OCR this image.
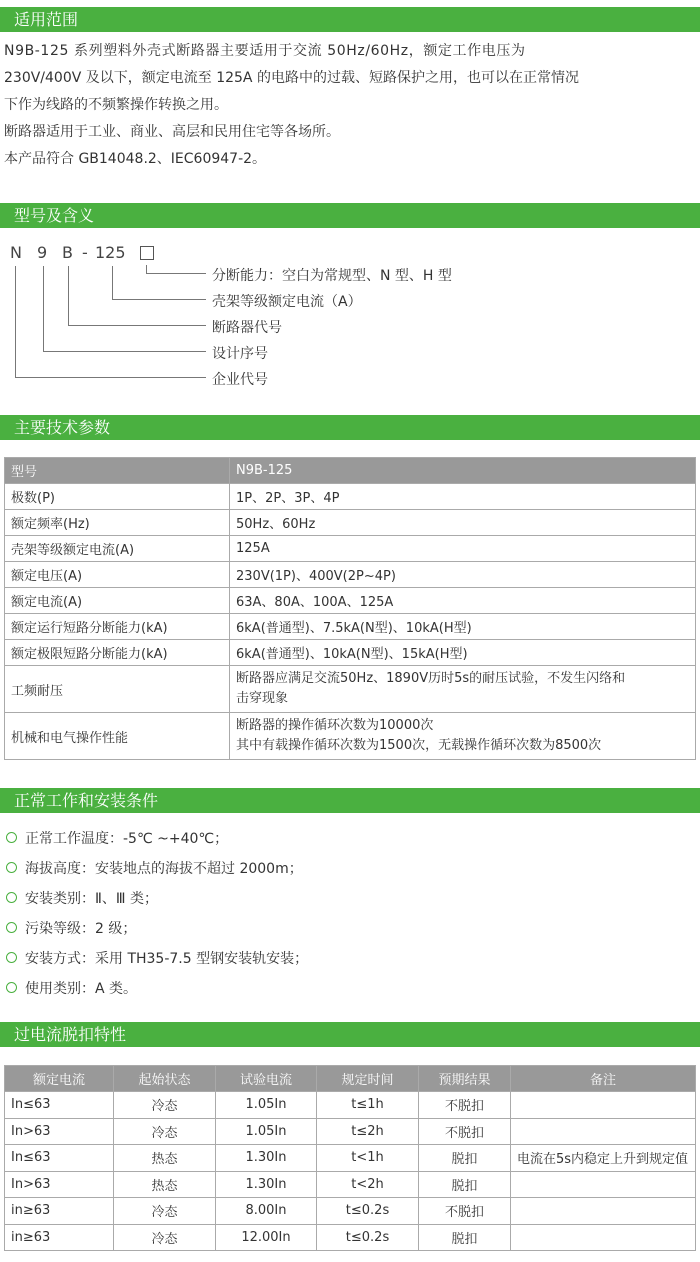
适用范围
N9B-125 系列塑料外壳式断路器主要适用于交流 50Hz/60Hz，额定工作电压为
230V/400V 及以下，额定电流至 125A 的电路中的过载、短路保护之用，也可以在正常情况
下作为线路的不频繁操作转换之用。
断路器适用于工业、商业、高层和民用住宅等各场所。
本产品符合 GB14048.2、IEC60947-2。
型号及含义
N 9 B - 125
分断能力：空白为常规型、N 型、H 型
壳架等级额定电流（A）
断路器代号
设计序号
企业代号
主要技术参数
型号	N9B-125
极数(P)	1P、2P、3P、4P
额定频率(Hz)	50Hz、60Hz
壳架等级额定电流(A)	125A
额定电压(A)	230V(1P)、400V(2P~4P)
额定电流(A)	63A、80A、100A、125A
额定运行短路分断能力(kA)	6kA(普通型)、7.5kA(N型)、10kA(H型)
额定极限短路分断能力(kA)	6kA(普通型)、10kA(N型)、15kA(H型)
工频耐压	断路器应满足交流50Hz、1890V历时5s的耐压试验，不发生闪络和
击穿现象

机械和电气操作性能	断路器的操作循环次数为10000次
其中有载操作循环次数为1500次，无载操作循环次数为8500次
正常工作和安装条件
正常工作温度：-5℃ ~+40℃；
海拔高度：安装地点的海拔不超过 2000m；
安装类别：Ⅱ、Ⅲ 类；
污染等级：2 级；
安装方式：采用 TH35-7.5 型钢安装轨安装；
使用类别：A 类。
过电流脱扣特性
额定电流	起始状态	试验电流	规定时间	预期结果	备注
In≤63	冷态	1.05In	t≤1h	不脱扣	
In>63	冷态	1.05In	t≤2h	不脱扣	
In≤63	热态	1.30In	t<1h	脱扣	电流在5s内稳定上升到规定值
In>63	热态	1.30In	t<2h	脱扣	
in≥63	冷态	8.00In	t≤0.2s	不脱扣	
in≥63	冷态	12.00In	t≤0.2s	脱扣	
